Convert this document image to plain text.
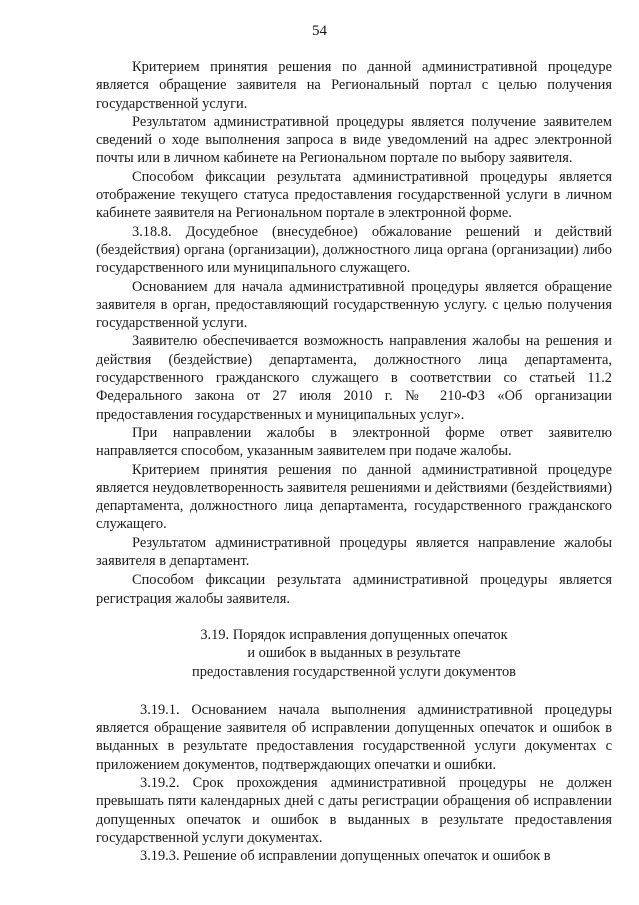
54

Критерием принятия решения по данной административной процедуре является обращение заявителя на Региональный портал с целью получения государственной услуги.

Результатом административной процедуры является получение заявителем сведений о ходе выполнения запроса в виде уведомлений на адрес электронной почты или в личном кабинете на Региональном портале по выбору заявителя.

Способом фиксации результата административной процедуры является отображение текущего статуса предоставления государственной услуги в личном кабинете заявителя на Региональном портале в электронной форме.

3.18.8. Досудебное (внесудебное) обжалование решений и действий (бездействия) органа (организации), должностного лица органа (организации) либо государственного или муниципального служащего.

Основанием для начала административной процедуры является обращение заявителя в орган, предоставляющий государственную услугу. с целью получения государственной услуги.

Заявителю обеспечивается возможность направления жалобы на решения и действия (бездействие) департамента, должностного лица департамента, государственного гражданского служащего в соответствии со статьей 11.2 Федерального закона от 27 июля 2010 г. № 210-ФЗ «Об организации предоставления государственных и муниципальных услуг».

При направлении жалобы в электронной форме ответ заявителю направляется способом, указанным заявителем при подаче жалобы.

Критерием принятия решения по данной административной процедуре является неудовлетворенность заявителя решениями и действиями (бездействиями) департамента, должностного лица департамента, государственного гражданского служащего.

Результатом административной процедуры является направление жалобы заявителя в департамент.

Способом фиксации результата административной процедуры является регистрация жалобы заявителя.

3.19. Порядок исправления допущенных опечаток
и ошибок в выданных в результате
предоставления государственной услуги документов

3.19.1. Основанием начала выполнения административной процедуры является обращение заявителя об исправлении допущенных опечаток и ошибок в выданных в результате предоставления государственной услуги документах с приложением документов, подтверждающих опечатки и ошибки.

3.19.2. Срок прохождения административной процедуры не должен превышать пяти календарных дней с даты регистрации обращения об исправлении допущенных опечаток и ошибок в выданных в результате предоставления государственной услуги документах.

3.19.3. Решение об исправлении допущенных опечаток и ошибок в
